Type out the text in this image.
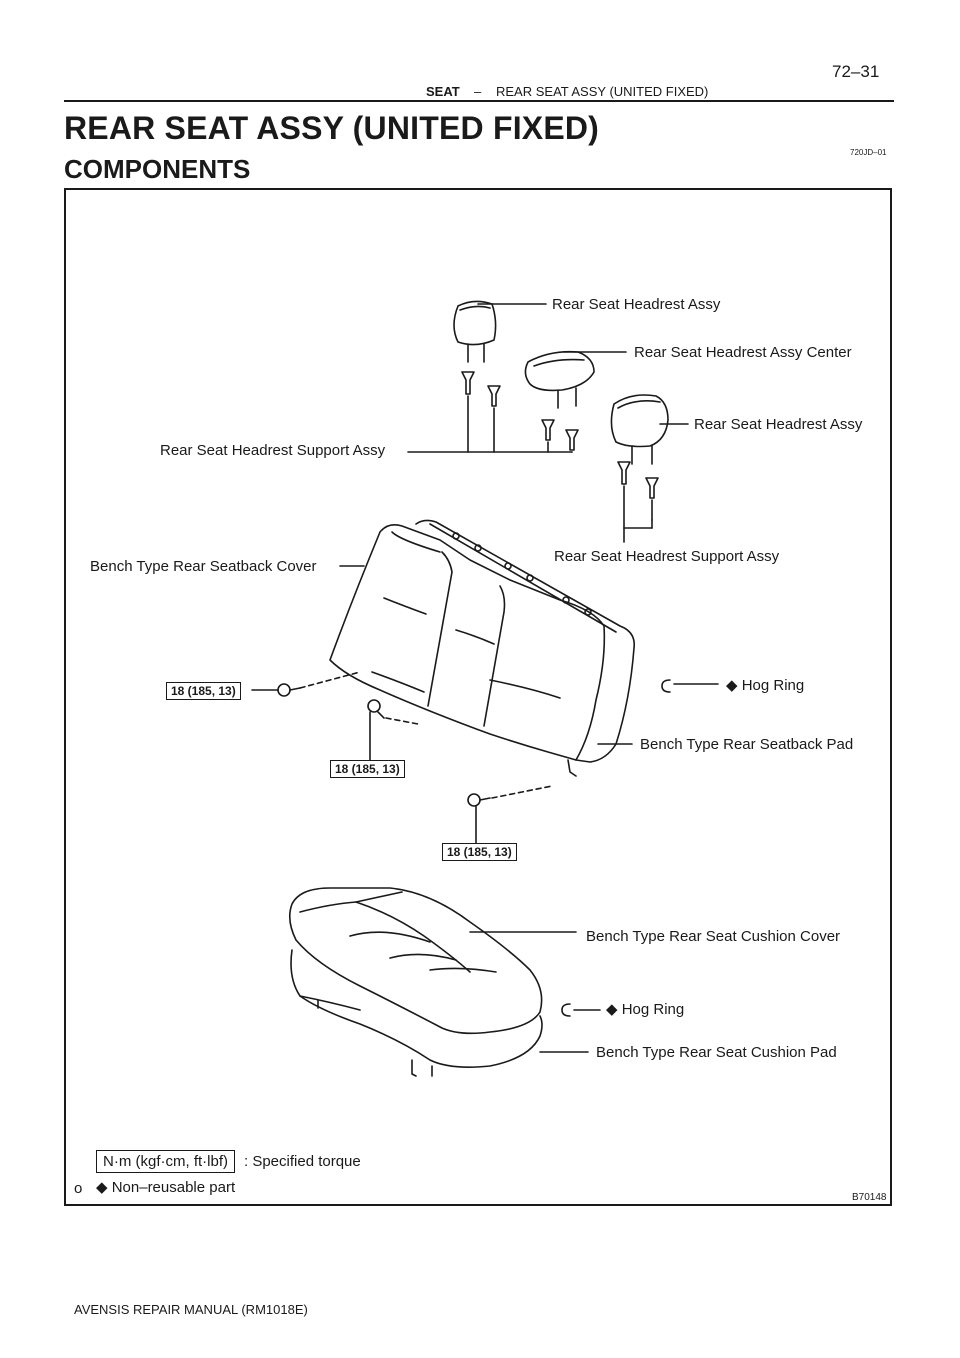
SEAT – REAR SEAT ASSY (UNITED FIXED)
72–31
REAR SEAT ASSY (UNITED FIXED)
COMPONENTS
720JD–01
Rear Seat Headrest Assy
Rear Seat Headrest Assy Center
Rear Seat Headrest Assy
Rear Seat Headrest Support Assy
Rear Seat Headrest Support Assy
Bench Type Rear Seatback Cover
◆ Hog Ring
Bench Type Rear Seatback Pad
Bench Type Rear Seat Cushion Cover
◆ Hog Ring
Bench Type Rear Seat Cushion Pad
18 (185, 13)
18 (185, 13)
18 (185, 13)
N·m (kgf·cm, ft·lbf)	: Specified torque
o ◆ Non–reusable part
B70148
AVENSIS REPAIR MANUAL (RM1018E)
